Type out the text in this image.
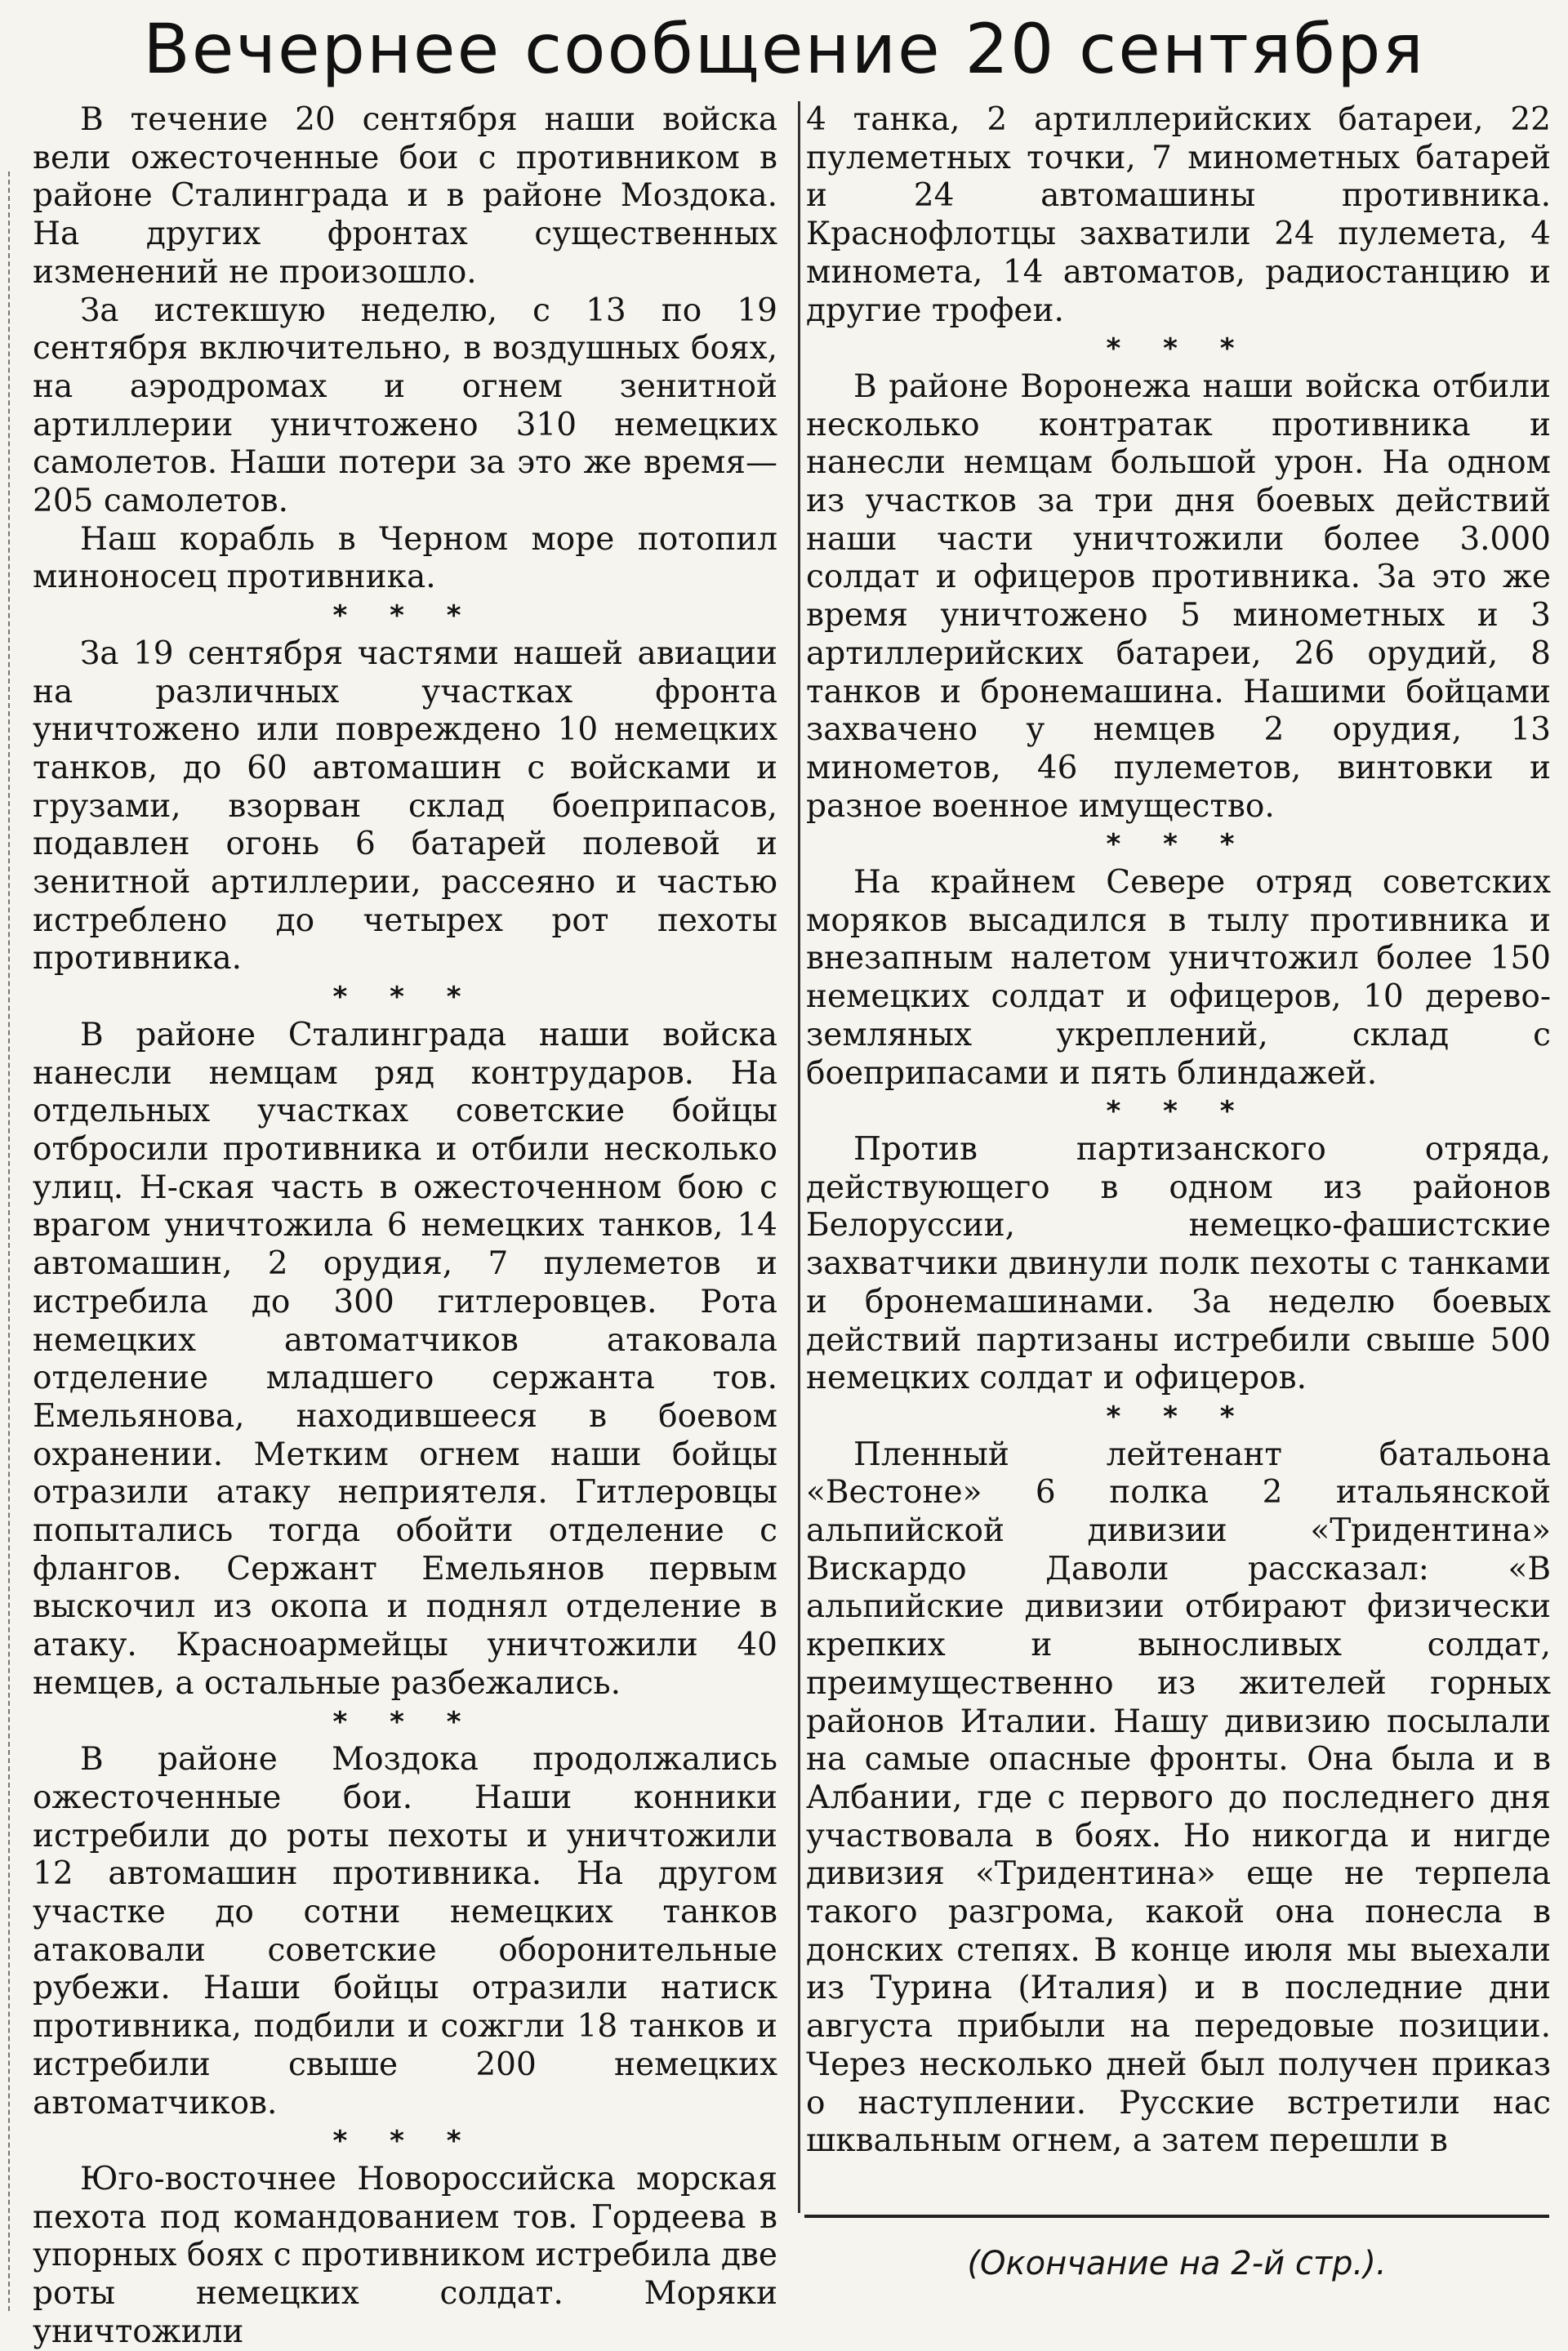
Вечернее сообщение 20 сентября

В течение 20 сентября наши войска вели ожесточенные бои с противником в районе Сталинграда и в районе Моздока. На других фронтах существенных изменений не произошло.

За истекшую неделю, с 13 по 19 сентября включительно, в воздушных боях, на аэродромах и огнем зенитной артиллерии уничтожено 310 немецких самолетов. Наши потери за это же время—205 самолетов.

Наш корабль в Черном море потопил миноносец противника.

* * *

За 19 сентября частями нашей авиации на различных участках фронта уничтожено или повреждено 10 немецких танков, до 60 автомашин с войсками и грузами, взорван склад боеприпасов, подавлен огонь 6 батарей полевой и зенитной артиллерии, рассеяно и частью истреблено до четырех рот пехоты противника.

* * *

В районе Сталинграда наши войска нанесли немцам ряд контрударов. На отдельных участках советские бойцы отбросили противника и отбили несколько улиц. Н-ская часть в ожесточенном бою с врагом уничтожила 6 немецких танков, 14 автомашин, 2 орудия, 7 пулеметов и истребила до 300 гитлеровцев. Рота немецких автоматчиков атаковала отделение младшего сержанта тов. Емельянова, находившееся в боевом охранении. Метким огнем наши бойцы отразили атаку неприятеля. Гитлеровцы попытались тогда обойти отделение с флангов. Сержант Емельянов первым выскочил из окопа и поднял отделение в атаку. Красноармейцы уничтожили 40 немцев, а остальные разбежались.

* * *

В районе Моздока продолжались ожесточенные бои. Наши конники истребили до роты пехоты и уничтожили 12 автомашин противника. На другом участке до сотни немецких танков атаковали советские оборонительные рубежи. Наши бойцы отразили натиск противника, подбили и сожгли 18 танков и истребили свыше 200 немецких автоматчиков.

* * *

Юго-восточнее Новороссийска морская пехота под командованием тов. Гордеева в упорных боях с противником истребила две роты немецких солдат. Моряки уничтожили

4 танка, 2 артиллерийских батареи, 22 пулеметных точки, 7 минометных батарей и 24 автомашины противника. Краснофлотцы захватили 24 пулемета, 4 миномета, 14 автоматов, радиостанцию и другие трофеи.

* * *

В районе Воронежа наши войска отбили несколько контратак противника и нанесли немцам большой урон. На одном из участков за три дня боевых действий наши части уничтожили более 3.000 солдат и офицеров противника. За это же время уничтожено 5 минометных и 3 артиллерийских батареи, 26 орудий, 8 танков и бронемашина. Нашими бойцами захвачено у немцев 2 орудия, 13 минометов, 46 пулеметов, винтовки и разное военное имущество.

* * *

На крайнем Севере отряд советских моряков высадился в тылу противника и внезапным налетом уничтожил более 150 немецких солдат и офицеров, 10 дерево-земляных укреплений, склад с боеприпасами и пять блиндажей.

* * *

Против партизанского отряда, действующего в одном из районов Белоруссии, немецко-фашистские захватчики двинули полк пехоты с танками и бронемашинами. За неделю боевых действий партизаны истребили свыше 500 немецких солдат и офицеров.

* * *

Пленный лейтенант батальона «Вестоне» 6 полка 2 итальянской альпийской дивизии «Тридентина» Вискардо Даволи рассказал: «В альпийские дивизии отбирают физически крепких и выносливых солдат, преимущественно из жителей горных районов Италии. Нашу дивизию посылали на самые опасные фронты. Она была и в Албании, где с первого до последнего дня участвовала в боях. Но никогда и нигде дивизия «Тридентина» еще не терпела такого разгрома, какой она понесла в донских степях. В конце июля мы выехали из Турина (Италия) и в последние дни августа прибыли на передовые позиции. Через несколько дней был получен приказ о наступлении. Русские встретили нас шквальным огнем, а затем перешли в

(Окончание на 2-й стр.).
